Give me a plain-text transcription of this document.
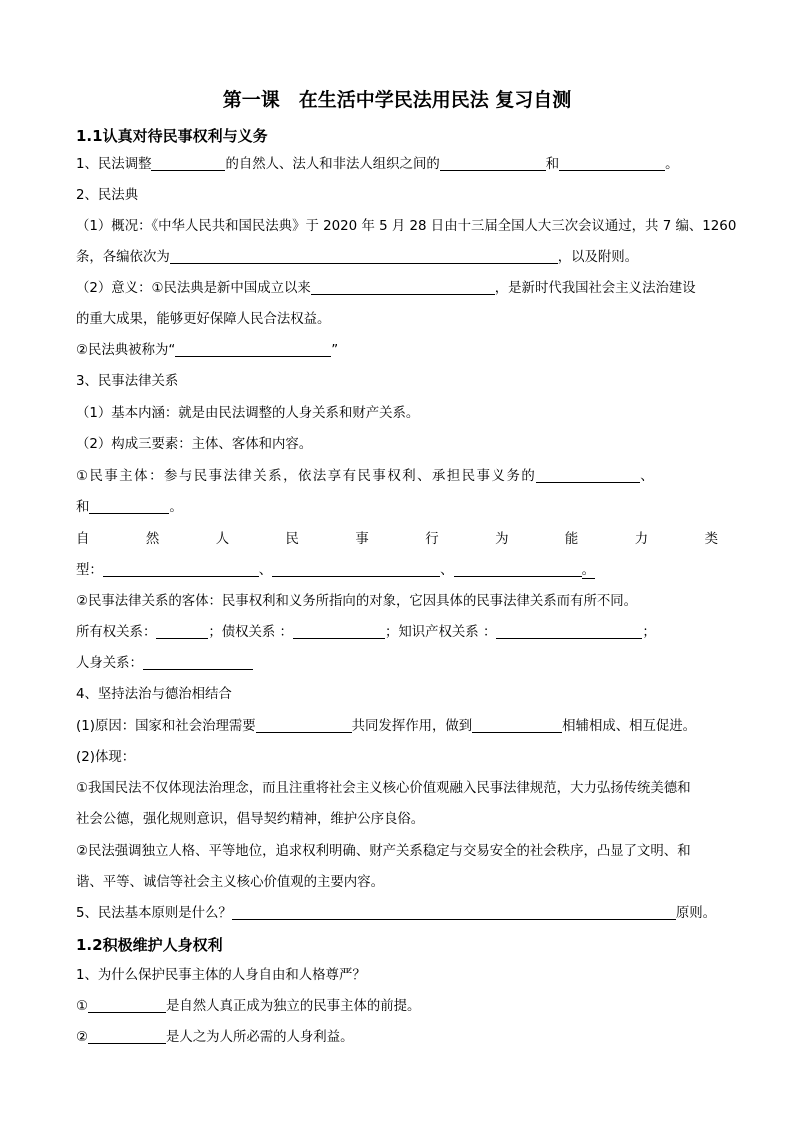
第一课　在生活中学民法用民法 复习自测
1.1认真对待民事权利与义务
1、民法调整	的自然人、法人和非法人组织之间的	和	。
2、民法典
（1）概况：《中华人民共和国民法典》于 2020 年 5 月 28 日由十三届全国人大三次会议通过，共 7 编、1260
条，各编依次为	，以及附则。
（2）意义：①民法典是新中国成立以来	，是新时代我国社会主义法治建设
的重大成果，能够更好保障人民合法权益。
②民法典被称为“	”
3、民事法律关系
（1）基本内涵：就是由民法调整的人身关系和财产关系。
（2）构成三要素：主体、客体和内容。
①民事主体：参与民事法律关系，依法享有民事权利、承担民事义务的	、
和	。
自	然	人	民	事	行	为	能	力	类
型：	、	、	。
②民事法律关系的客体：民事权利和义务所指向的对象，它因具体的民事法律关系而有所不同。
所有权关系：	；债权关系 ：	；知识产权关系 ：	；
人身关系：
4、坚持法治与德治相结合
(1)原因：国家和社会治理需要	共同发挥作用，做到	相辅相成、相互促进。
(2)体现：
①我国民法不仅体现法治理念，而且注重将社会主义核心价值观融入民事法律规范，大力弘扬传统美德和
社会公德，强化规则意识，倡导契约精神，维护公序良俗。
②民法强调独立人格、平等地位，追求权利明确、财产关系稳定与交易安全的社会秩序，凸显了文明、和
谐、平等、诚信等社会主义核心价值观的主要内容。
5、民法基本原则是什么？	原则。
1.2积极维护人身权利
1、为什么保护民事主体的人身自由和人格尊严？
①	是自然人真正成为独立的民事主体的前提。
②	是人之为人所必需的人身利益。
